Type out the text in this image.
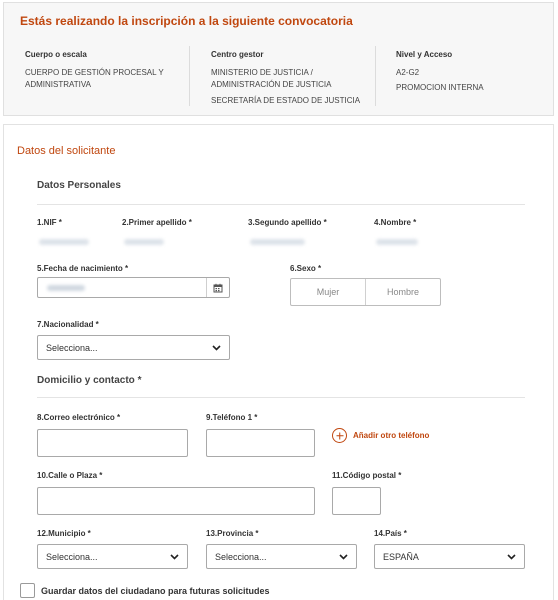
Estás realizando la inscripción a la siguiente convocatoria
Cuerpo o escala
CUERPO DE GESTIÓN PROCESAL Y
ADMINISTRATIVA
Centro gestor
MINISTERIO DE JUSTICIA /
ADMINISTRACIÓN DE JUSTICIA
SECRETARÍA DE ESTADO DE JUSTICIA
Nivel y Acceso
A2-G2
PROMOCION INTERNA
Datos del solicitante
Datos Personales
1.NIF *	2.Primer apellido *	3.Segundo apellido *	4.Nombre *
5.Fecha de nacimiento *	6.Sexo *
Mujer	Hombre
7.Nacionalidad *
Selecciona...
Domicilio y contacto *
8.Correo electrónico *	9.Teléfono 1 *
Añadir otro teléfono
10.Calle o Plaza *	11.Código postal *
12.Municipio *
Selecciona...
13.Provincia *
Selecciona...
14.País *
ESPAÑA
Guardar datos del ciudadano para futuras solicitudes
